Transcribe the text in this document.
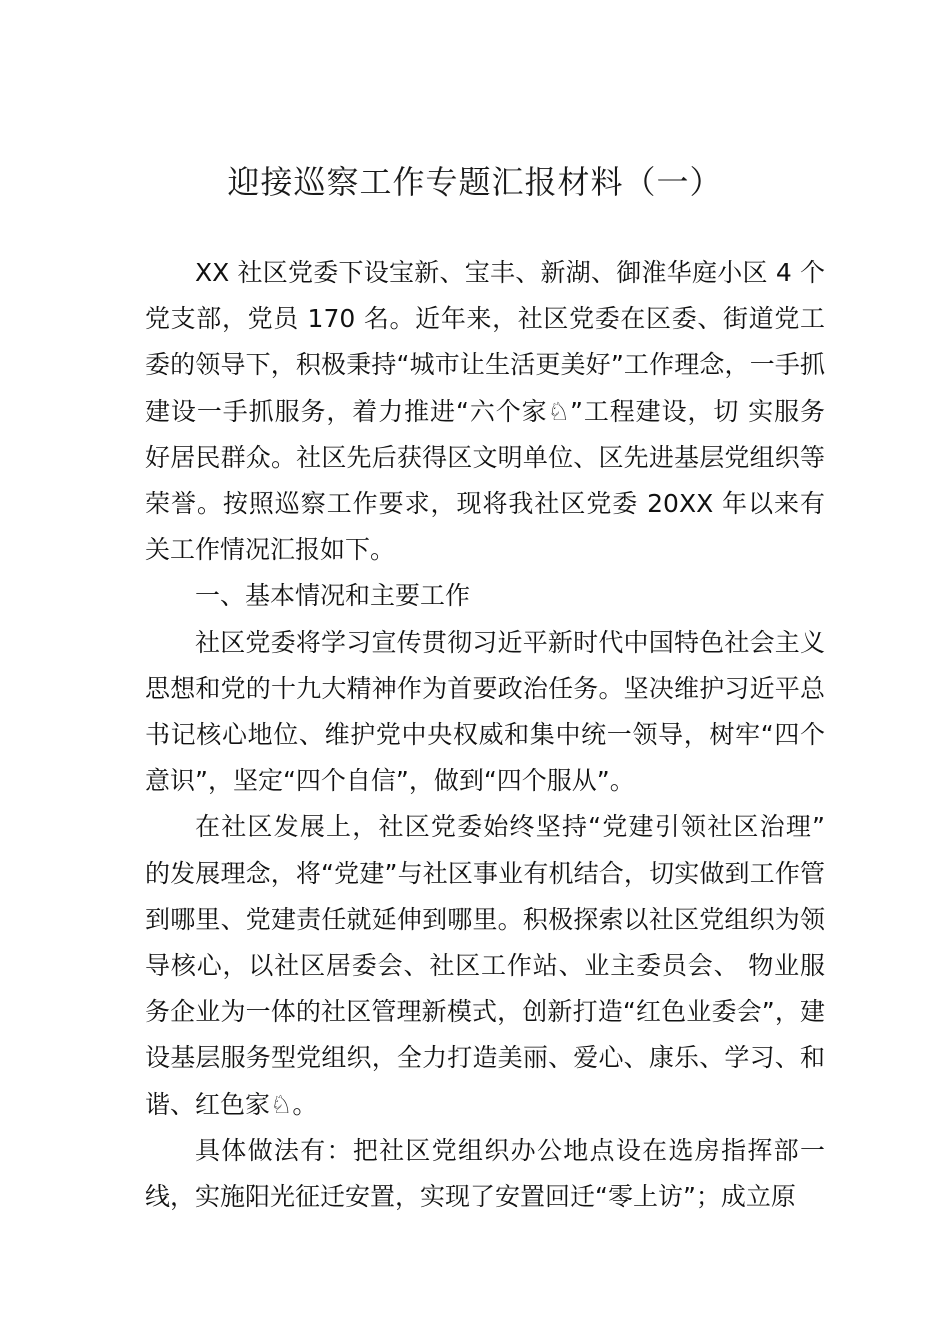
迎接巡察工作专题汇报材料（一）

XX 社区党委下设宝新、宝丰、新湖、御淮华庭小区 4 个党支部，党员 170 名。近年来，社区党委在区委、街道党工委的领导下，积极秉持“城市让生活更美好”工作理念，一手抓建设一手抓服务，着力推进“六个家♘”工程建设，切 实服务好居民群众。社区先后获得区文明单位、区先进基层党组织等荣誉。按照巡察工作要求，现将我社区党委 20XX 年以来有关工作情况汇报如下。

一、基本情况和主要工作

社区党委将学习宣传贯彻习近平新时代中国特色社会主义思想和党的十九大精神作为首要政治任务。坚决维护习近平总书记核心地位、维护党中央权威和集中统一领导，树牢“四个意识”，坚定“四个自信”，做到“四个服从”。

在社区发展上，社区党委始终坚持“党建引领社区治理” 的发展理念，将“党建”与社区事业有机结合，切实做到工作管到哪里、党建责任就延伸到哪里。积极探索以社区党组织为领导核心，以社区居委会、社区工作站、业主委员会、 物业服务企业为一体的社区管理新模式，创新打造“红色业委会”，建设基层服务型党组织，全力打造美丽、爱心、康乐、学习、和谐、红色家♘。

具体做法有：把社区党组织办公地点设在选房指挥部一线，实施阳光征迁安置，实现了安置回迁“零上访”；成立原
